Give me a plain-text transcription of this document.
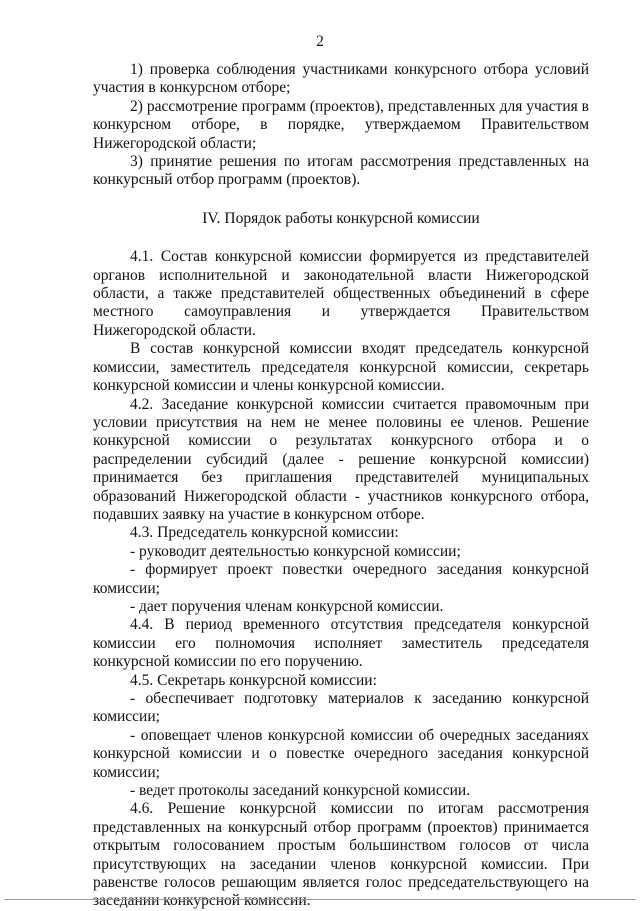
2

1) проверка соблюдения участниками конкурсного отбора условий участия в конкурсном отборе;

2) рассмотрение программ (проектов), представленных для участия в конкурсном отборе, в порядке, утверждаемом Правительством Нижегородской области;

3) принятие решения по итогам рассмотрения представленных на конкурсный отбор программ (проектов).

IV. Порядок работы конкурсной комиссии

4.1. Состав конкурсной комиссии формируется из представителей органов исполнительной и законодательной власти Нижегородской области, а также представителей общественных объединений в сфере местного самоуправления и утверждается Правительством Нижегородской области.

В состав конкурсной комиссии входят председатель конкурсной комиссии, заместитель председателя конкурсной комиссии, секретарь конкурсной комиссии и члены конкурсной комиссии.

4.2. Заседание конкурсной комиссии считается правомочным при условии присутствия на нем не менее половины ее членов. Решение конкурсной комиссии о результатах конкурсного отбора и о распределении субсидий (далее - решение конкурсной комиссии) принимается без приглашения представителей муниципальных образований Нижегородской области - участников конкурсного отбора, подавших заявку на участие в конкурсном отборе.

4.3. Председатель конкурсной комиссии:

- руководит деятельностью конкурсной комиссии;

- формирует проект повестки очередного заседания конкурсной комиссии;

- дает поручения членам конкурсной комиссии.

4.4. В период временного отсутствия председателя конкурсной комиссии его полномочия исполняет заместитель председателя конкурсной комиссии по его поручению.

4.5. Секретарь конкурсной комиссии:

- обеспечивает подготовку материалов к заседанию конкурсной комиссии;

- оповещает членов конкурсной комиссии об очередных заседаниях конкурсной комиссии и о повестке очередного заседания конкурсной комиссии;

- ведет протоколы заседаний конкурсной комиссии.

4.6. Решение конкурсной комиссии по итогам рассмотрения представленных на конкурсный отбор программ (проектов) принимается открытым голосованием простым большинством голосов от числа присутствующих на заседании членов конкурсной комиссии. При равенстве голосов решающим является голос председательствующего на заседании конкурсной комиссии.
